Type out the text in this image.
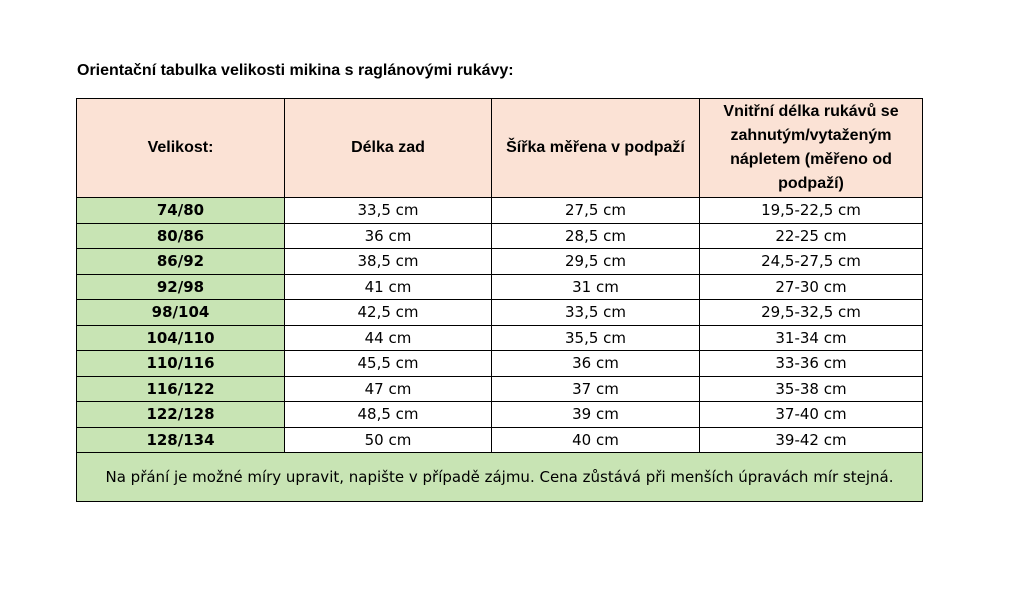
Orientační tabulka velikosti mikina s raglánovými rukávy:
Velikost:	Délka zad	Šířka měřena v podpaží	Vnitřní délka rukávů se zahnutým/vytaženým nápletem (měřeno od podpaží)
74/80	33,5 cm	27,5 cm	19,5-22,5 cm
80/86	36 cm	28,5 cm	22-25 cm
86/92	38,5 cm	29,5 cm	24,5-27,5 cm
92/98	41 cm	31 cm	27-30 cm
98/104	42,5 cm	33,5 cm	29,5-32,5 cm
104/110	44 cm	35,5 cm	31-34 cm
110/116	45,5 cm	36 cm	33-36 cm
116/122	47 cm	37 cm	35-38 cm
122/128	48,5 cm	39 cm	37-40 cm
128/134	50 cm	40 cm	39-42 cm
Na přání je možné míry upravit, napište v případě zájmu. Cena zůstává při menších úpravách mír stejná.			
